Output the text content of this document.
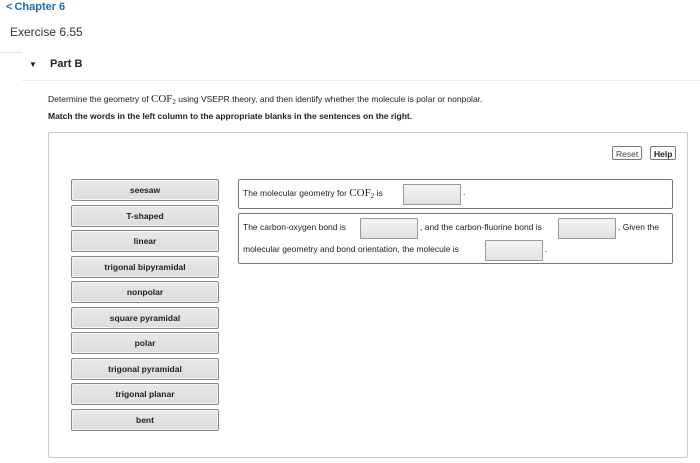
< Chapter 6
Exercise 6.55
▼ Part B
Determine the geometry of $COF_2$ using VSEPR theory, and then identify whether the molecule is polar or nonpolar.
Match the words in the left column to the appropriate blanks in the sentences on the right.
Reset	Help
seesaw
T-shaped
linear
trigonal bipyramidal
nonpolar
square pyramidal
polar
trigonal pyramidal
trigonal planar
bent
The molecular geometry for $COF_2$ is	.
The carbon-oxygen bond is	, and the carbon-fluorine bond is	. Given the
molecular geometry and bond orientation, the molecule is	.
